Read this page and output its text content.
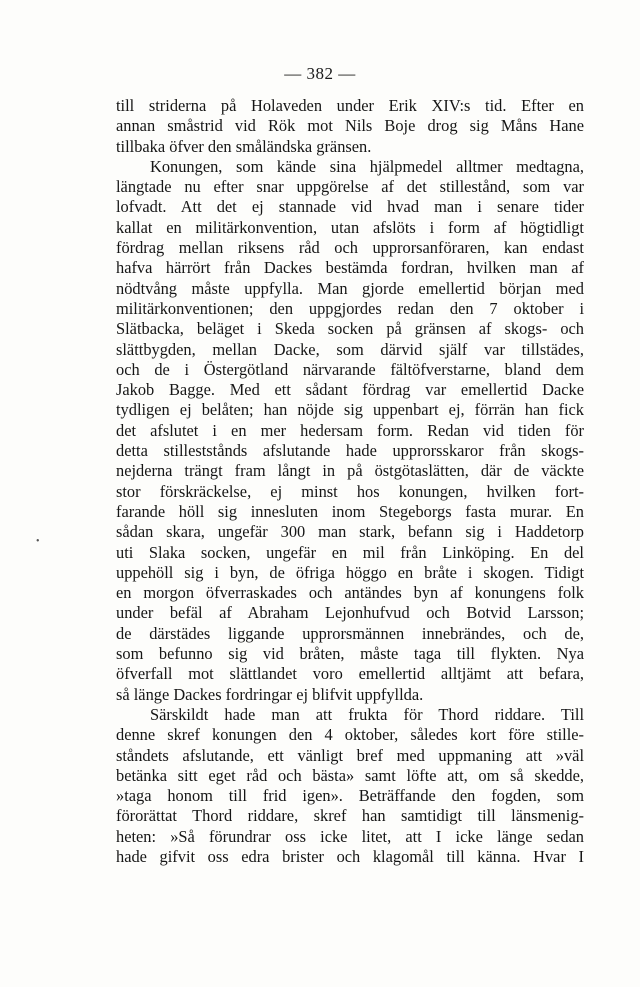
— 382 —
till striderna på Holaveden under Erik XIV:s tid. Efter en
annan småstrid vid Rök mot Nils Boje drog sig Måns Hane
tillbaka öfver den småländska gränsen.
Konungen, som kände sina hjälpmedel alltmer medtagna,
längtade nu efter snar uppgörelse af det stillestånd, som var
lofvadt. Att det ej stannade vid hvad man i senare tider
kallat en militärkonvention, utan afslöts i form af högtidligt
fördrag mellan riksens råd och upprorsanföraren, kan endast
hafva härrört från Dackes bestämda fordran, hvilken man af
nödtvång måste uppfylla. Man gjorde emellertid början med
militärkonventionen; den uppgjordes redan den 7 oktober i
Slätbacka, beläget i Skeda socken på gränsen af skogs- och
slättbygden, mellan Dacke, som därvid själf var tillstädes,
och de i Östergötland närvarande fältöfverstarne, bland dem
Jakob Bagge. Med ett sådant fördrag var emellertid Dacke
tydligen ej belåten; han nöjde sig uppenbart ej, förrän han fick
det afslutet i en mer hedersam form. Redan vid tiden för
detta stilleststånds afslutande hade upprorsskaror från skogs-
nejderna trängt fram långt in på östgötaslätten, där de väckte
stor förskräckelse, ej minst hos konungen, hvilken fort-
farande höll sig innesluten inom Stegeborgs fasta murar. En
sådan skara, ungefär 300 man stark, befann sig i Haddetorp
uti Slaka socken, ungefär en mil från Linköping. En del
uppehöll sig i byn, de öfriga höggo en bråte i skogen. Tidigt
en morgon öfverraskades och antändes byn af konungens folk
under befäl af Abraham Lejonhufvud och Botvid Larsson;
de därstädes liggande upprorsmännen innebrändes, och de,
som befunno sig vid bråten, måste taga till flykten. Nya
öfverfall mot slättlandet voro emellertid alltjämt att befara,
så länge Dackes fordringar ej blifvit uppfyllda.
Särskildt hade man att frukta för Thord riddare. Till
denne skref konungen den 4 oktober, således kort före stille-
ståndets afslutande, ett vänligt bref med uppmaning att »väl
betänka sitt eget råd och bästa» samt löfte att, om så skedde,
»taga honom till frid igen». Beträffande den fogden, som
förorättat Thord riddare, skref han samtidigt till länsmenig-
heten: »Så förundrar oss icke litet, att I icke länge sedan
hade gifvit oss edra brister och klagomål till känna. Hvar I
•
